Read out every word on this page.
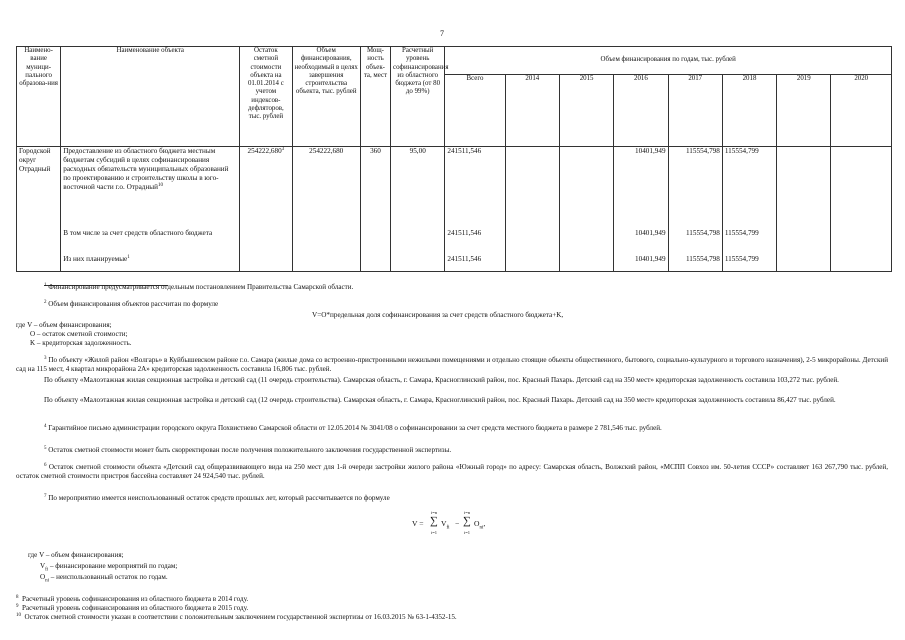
7
Наимено-вание муници-пального образова-ния	Наименование объекта	Остаток сметной стоимости объекта на 01.01.2014 с учетом индексов-дефляторов, тыс. рублей	Объем финансирования, необходимый в целях завершения строительства объекта, тыс. рублей	Мощ-ность объек-та, мест	Расчетный уровень софинансирования из областного бюджета (от 80 до 99%)	Объем финансирования по годам, тыс. рублей							
						Всего	2014	2015	2016	2017	2018	2019	2020
Городской округ Отрадный	Предоставление из областного бюджета местным бюджетам субсидий в целях софинансирования расходных обязательств муниципальных образований по проектированию и строительству школы в юго-восточной части г.о. Отрадный$^{10}$	254222,680$^3$	254222,680	360	95,00	241511,546			10401,949	115554,798	115554,799		
	В том числе за счет средств областного бюджета					241511,546			10401,949	115554,798	115554,799		
	Из них планируемые$^1$					241511,546			10401,949	115554,798	115554,799		
$^1$ Финансирование предусматривается отдельным постановлением Правительства Самарской области.
$^2$ Объем финансирования объектов рассчитан по формуле
V=O*предельная доля софинансирования за счет средств областного бюджета+K,
где V – объем финансирования;
O – остаток сметной стоимости;
K – кредиторская задолженность.
$^3$ По объекту «Жилой район «Волгарь» в Куйбышевском районе г.о. Самара (жилые дома со встроенно-пристроенными нежилыми помещениями и отдельно стоящие объекты общественного, бытового, социально-культурного и торгового назначения), 2-5 микрорайоны. Детский сад на 115 мест, 4 квартал микрорайона 2А» кредиторская задолженность составила 16,806 тыс. рублей.
По объекту «Малоэтажная жилая секционная застройка и детский сад (11 очередь строительства). Самарская область, г. Самара, Красноглинский район, пос. Красный Пахарь. Детский сад на 350 мест» кредиторская задолженность составила 103,272 тыс. рублей.
По объекту «Малоэтажная жилая секционная застройка и детский сад (12 очередь строительства). Самарская область, г. Самара, Красноглинский район, пос. Красный Пахарь. Детский сад на 350 мест» кредиторская задолженность составила 86,427 тыс. рублей.
$^4$ Гарантийное письмо администрации городского округа Похвистнево Самарской области от 12.05.2014 № 3041/08 о софинансировании за счет средств местного бюджета в размере 2 781,546 тыс. рублей.
$^5$ Остаток сметной стоимости может быть скорректирован после получения положительного заключения государственной экспертизы.
$^6$ Остаток сметной стоимости объекта «Детский сад общеразвивающего вида на 250 мест для 1-й очереди застройки жилого района «Южный город» по адресу: Самарская область, Волжский район, «МСПП Совхоз им. 50-летия СССР» составляет 163 267,790 тыс. рублей, остаток сметной стоимости пристроя бассейна составляет 24 924,540 тыс. рублей.
$^7$ По мероприятию имеется неиспользованный остаток средств прошлых лет, который рассчитывается по формуле
V =
i=n
∑
i=1
$V_{fi}$
−
i=n
∑
i=1
$O_{ni}$,
где V – объем финансирования;
$V_{fi}$ – финансирование мероприятий по годам;
$O_{ni}$ – неиспользованный остаток по годам.
$^8$ Расчетный уровень софинансирования из областного бюджета в 2014 году.
$^9$ Расчетный уровень софинансирования из областного бюджета в 2015 году.
$^{10}$ Остаток сметной стоимости указан в соответствии с положительным заключением государственной экспертизы от 16.03.2015 № 63-1-4352-15.
